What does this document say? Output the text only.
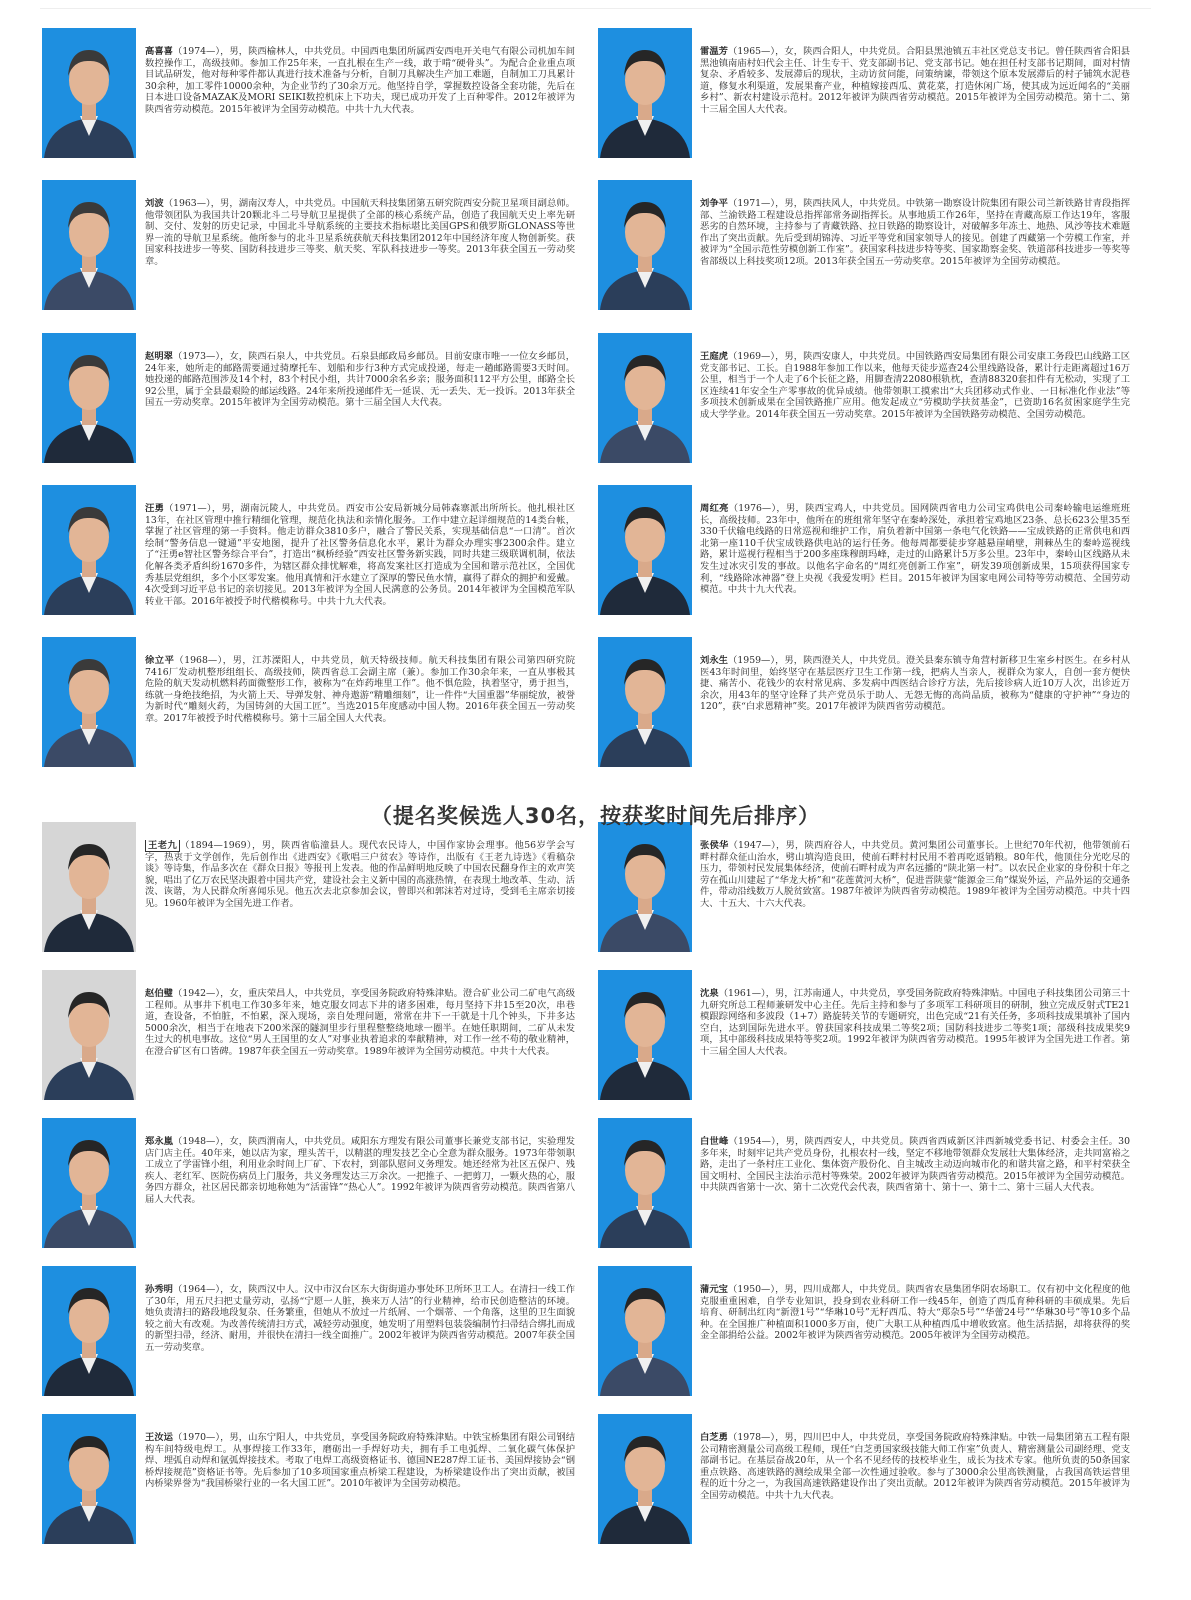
高喜喜（1974—），男，陕西榆林人，中共党员。中国西电集团所属西安西电开关电气有限公司机加车间数控操作工，高级技师。参加工作25年来，一直扎根在生产一线，敢于啃“硬骨头”。为配合企业重点项目试品研发，他对每种零件都认真进行技术准备与分析，自制刀具解决生产加工难题，自制加工刀具累计30余种，加工零件10000余种，为企业节约了30余万元。他坚持自学，掌握数控设备全套功能，先后在日本进口设备MAZAK及MORI SEIKI数控机床上下功夫，现已成功开发了上百种零件。2012年被评为陕西省劳动模范。2015年被评为全国劳动模范。中共十九大代表。
雷温芳（1965—），女，陕西合阳人，中共党员。合阳县黑池镇五丰社区党总支书记。曾任陕西省合阳县黑池镇南庙村妇代会主任、计生专干、党支部副书记、党支部书记。她在担任村支部书记期间，面对村情复杂、矛盾较多、发展滞后的现状，主动访贫问能，问策纳谏，带领这个原本发展滞后的村子铺筑水泥巷道，修复水利渠道，发展果畜产业，种植嫁接西瓜、黄花菜，打造休闲广场，使其成为远近闻名的“美丽乡村”、新农村建设示范村。2012年被评为陕西省劳动模范。2015年被评为全国劳动模范。第十二、第十三届全国人大代表。
刘波（1963—），男，湖南汉寿人，中共党员。中国航天科技集团第五研究院西安分院卫星项目副总师。他带领团队为我国共计20颗北斗二号导航卫星提供了全部的核心系统产品，创造了我国航天史上率先研制、交付、发射的历史记录，中国北斗导航系统的主要技术指标堪比美国GPS和俄罗斯GLONASS等世界一流的导航卫星系统。他所参与的北斗卫星系统获航天科技集团2012年中国经济年度人物创新奖。获国家科技进步一等奖、国防科技进步三等奖、航天奖、军队科技进步一等奖。2013年获全国五一劳动奖章。
刘争平（1971—），男，陕西扶风人，中共党员。中铁第一勘察设计院集团有限公司兰新铁路甘青段指挥部、兰渝铁路工程建设总指挥部常务副指挥长。从事地质工作26年，坚持在青藏高原工作达19年，客服恶劣的自然环境，主持参与了青藏铁路、拉日铁路的勘察设计，对破解多年冻土、地热、风沙等技术难题作出了突出贡献。先后受到胡锦涛、习近平等党和国家领导人的接见。创建了西藏第一个劳模工作室，并被评为“全国示范性劳模创新工作室”。获国家科技进步特等奖、国家勘察金奖、铁道部科技进步一等奖等省部级以上科技奖项12项。2013年获全国五一劳动奖章。2015年被评为全国劳动模范。
赵明翠（1973—），女，陕西石泉人，中共党员。石泉县邮政局乡邮员。目前安康市唯一一位女乡邮员，24年来，她所走的邮路需要通过骑摩托车、划船和步行3种方式完成投递，每走一趟邮路需要3天时间。她投递的邮路范围涉及14个村，83个村民小组，共计7000余名乡亲；服务面积112平方公里，邮路全长92公里，属于全县最艰险的邮运线路。24年来所投递邮件无一延误、无一丢失、无一投诉。2013年获全国五一劳动奖章。2015年被评为全国劳动模范。第十三届全国人大代表。
王庭虎（1969—），男，陕西安康人，中共党员。中国铁路西安局集团有限公司安康工务段巴山线路工区党支部书记、工长。自1988年参加工作以来，他每天徒步巡查24公里线路设备，累计行走距离超过16万公里，相当于一个人走了6个长征之路，用脚查清22080根轨枕，查清88320套扣件有无松动，实现了工区连续41年安全生产零事故的优异成绩。他带领职工摸索出“大兵团移动式作业、一日标准化作业法”等多项技术创新成果在全国铁路推广应用。他发起成立“劳模助学扶贫基金”，已资助16名贫困家庭学生完成大学学业。2014年获全国五一劳动奖章。2015年被评为全国铁路劳动模范、全国劳动模范。
汪勇（1971—），男，湖南沅陵人，中共党员。西安市公安局新城分局韩森寨派出所所长。他扎根社区13年，在社区管理中推行精细化管理，规范化执法和亲情化服务。工作中建立起详细规范的14类台帐，掌握了社区管理的第一手资料。他走访群众3810多户，融合了警民关系，实现基础信息“一口清”。首次绘制“警务信息一键通”平安地图，提升了社区警务信息化水平，累计为群众办理实事2300余件。建立了“汪勇e智社区警务综合平台”，打造出“枫桥经验”西安社区警务新实践，同时共建三级联调机制，依法化解各类矛盾纠纷1670多件，为辖区群众排忧解难，将高发案社区打造成为全国和谐示范社区，全国优秀基层党组织，多个小区零发案。他用真情和汗水建立了深厚的警民鱼水情，赢得了群众的拥护和爱戴。4次受到习近平总书记的亲切接见。2013年被评为全国人民满意的公务员。2014年被评为全国模范军队转业干部。2016年被授予时代楷模称号。中共十九大代表。
周红亮（1976—），男，陕西宝鸡人，中共党员。国网陕西省电力公司宝鸡供电公司秦岭输电运维班班长，高级技师。23年中，他所在的班组常年坚守在秦岭深处，承担着宝鸡地区23条、总长623公里35至330千伏输电线路的日常巡视和维护工作，肩负着新中国第一条电气化铁路——宝成铁路的正常供电和西北第一座110千伏宝成铁路供电站的运行任务。他每周都要徒步穿越悬崖峭壁，荆棘丛生的秦岭巡视线路，累计巡视行程相当于200多座珠穆朗玛峰，走过的山路累计5万多公里。23年中，秦岭山区线路从未发生过冰灾引发的事故。以他名字命名的“周红亮创新工作室”，研发39项创新成果，15项获得国家专利，“线路除冰神器”登上央视《我爱发明》栏目。2015年被评为国家电网公司特等劳动模范、全国劳动模范。中共十九大代表。
徐立平（1968—），男，江苏溧阳人，中共党员，航天特级技师。航天科技集团有限公司第四研究院7416厂发动机整形组组长、高级技师，陕西省总工会副主席（兼）。参加工作30余年来，一直从事极其危险的航天发动机燃料药面微整形工作，被称为“在炸药堆里工作”。他不惧危险，执着坚守，勇于担当，练就一身绝技绝招，为火箭上天、导弹发射、神舟遨游“精雕细刻”，让一件件“大国重器”华丽绽放，被誉为新时代“雕刻火药，为国铸剑的大国工匠”。当选2015年度感动中国人物。2016年获全国五一劳动奖章。2017年被授予时代楷模称号。第十三届全国人大代表。
刘永生（1959—），男，陕西澄关人，中共党员。澄关县秦东镇寺角营村新移卫生室乡村医生。在乡村从医43年时间里，始终坚守在基层医疗卫生工作第一线，把病人当亲人，视群众为家人，自创一套方便快捷、痛苦小、花钱少的农村常见病、多发病中西医结合诊疗方法，先后接诊病人近10万人次，出诊近万余次，用43年的坚守诠释了共产党员乐于助人、无怨无悔的高尚品质，被称为“健康的守护神”“身边的120”，获“白求恩精神”奖。2017年被评为陕西省劳动模范。
王老九 （1894—1969），男，陕西省临潼县人。现代农民诗人，中国作家协会理事。他56岁学会写字，热衷于文学创作，先后创作出《进西安》《歌唱三户贫农》等诗作，出版有《王老九诗选》《看稿杂谈》等诗集，作品多次在《群众日报》等报刊上发表。他的作品鲜明地反映了中国农民翻身作主的欢声笑貌，唱出了亿万农民坚决跟着中国共产党，建设社会主义新中国的高涨热情，在表现土地改革、生动、活泼、诙谐，为人民群众所喜闻乐见。他五次去北京参加会议，曾即兴和郭沫若对过诗，受到毛主席亲切接见。1960年被评为全国先进工作者。
张侯华（1947—），男，陕西府谷人，中共党员。黄河集团公司董事长。上世纪70年代初，他带领前石畔村群众征山治水，劈山填沟造良田，使前石畔村村民用不着再吃返销粮。80年代，他顶住分光吃尽的压力，带领村民发展集体经济，使前石畔村成为声名远播的“陕北第一村”。以农民企业家的身份积十年之劳在孤山川建起了“华龙大桥”和“花莲黄河大桥”，促进晋陕蒙“能源金三角”煤炭外运，产品外运的交通条件，带动沿线数万人脱贫致富。1987年被评为陕西省劳动模范。1989年被评为全国劳动模范。中共十四大、十五大、十六大代表。
赵伯璧（1942—），女，重庆荣昌人，中共党员，享受国务院政府特殊津贴。澄合矿业公司二矿电气高级工程师。从事井下机电工作30多年来，她克服女同志下井的诸多困难，每月坚持下井15至20次，串巷道，查设备，不怕脏，不怕累，深入现场，亲自处理问题，常常在井下一干就是十几个钟头，下井多达5000余次，相当于在地表下200米深的隧洞里步行里程整整绕地球一圈半。在她任职期间，二矿从未发生过大的机电事故。这位“男人王国里的女人”对事业执着追求的奉献精神，对工作一丝不苟的敬业精神，在澄合矿区有口皆碑。1987年获全国五一劳动奖章。1989年被评为全国劳动模范。中共十大代表。
沈泉（1961—），男，江苏南通人，中共党员，享受国务院政府特殊津贴。中国电子科技集团公司第三十九研究所总工程师兼研发中心主任。先后主持和参与了多项军工科研项目的研制，独立完成反射式TE21模跟踪网络和多波段（1+7）路旋转关节的专题研究，出色完成“21有关任务，多项科技成果填补了国内空白，达到国际先进水平。曾获国家科技成果二等奖2项；国防科技进步二等奖1项；部级科技成果奖9项，其中部级科技成果特等奖2项。1992年被评为陕西省劳动模范。1995年被评为全国先进工作者。第十三届全国人大代表。
郑永嵐（1948—），女，陕西渭南人，中共党员。咸阳东方理发有限公司董事长兼党支部书记，实验理发店门店主任。40年来，她以店为家，理头苦干，以精湛的理发技艺全心全意为群众服务。1973年带领职工成立了学雷锋小组，利用业余时间上厂矿、下农村，到部队慰问义务理发。她还经常为社区五保户、残疾人、老红军、医院伤病员上门服务，共义务理发达三万余次。一把推子、一把剪刀，一颗火热的心，服务四方群众，社区居民都亲切地称她为“活雷锋”“热心人”。1992年被评为陕西省劳动模范。陕西省第八届人大代表。
白世峰（1954—），男，陕西西安人，中共党员。陕西省西咸新区沣西新城党委书记、村委会主任。30多年来，时刻牢记共产党员身份，扎根农村一线，坚定不移地带领群众发展壮大集体经济，走共同富裕之路，走出了一条村庄工业化、集体资产股份化、自主城改主动迈向城市化的和谐共富之路，和平村荣获全国文明村、全国民主法治示范村等殊荣。2002年被评为陕西省劳动模范。2015年被评为全国劳动模范。中共陕西省第十一次、第十二次党代会代表，陕西省第十、第十一、第十二、第十三届人大代表。
孙秀明（1964—），女，陕西汉中人。汉中市汉台区东大街街道办事处环卫所环卫工人。在清扫一线工作了30年，用五尺扫把丈量劳动，弘扬“宁愿一人脏，换来万人洁”的行业精神，给市民创造整洁的环境。她负责清扫的路段地段复杂、任务繁重，但她从不放过一片纸屑、一个烟蒂、一个角落，这里的卫生面貌较之前大有改观。为改善传统清扫方式，减轻劳动强度，她发明了用塑料包装袋编制竹扫帚结合绑扎而成的新型扫帚，经济、耐用，并很快在清扫一线全面推广。2002年被评为陕西省劳动模范。2007年获全国五一劳动奖章。
蒲元宝（1950—），男，四川成都人，中共党员。陕西省农垦集团华阴农场职工。仅有初中文化程度的他克服重重困难，自学专业知识，投身到农业科研工作一线45年，创造了西瓜育种科研的丰硕成果。先后培育、研制出红肉“新澄1号”“华琳10号”无籽西瓜、特大“郑杂5号”“华蕾24号”“华琳30号”等10多个品种。在全国推广种植面积1000多万亩，使广大职工从种植西瓜中增收致富。他生活拮据，却将获得的奖金全部捐给公益。2002年被评为陕西省劳动模范。2005年被评为全国劳动模范。
王汝运（1970—），男，山东宁阳人，中共党员，享受国务院政府特殊津贴。中铁宝桥集团有限公司钢结构车间特级电焊工。从事焊接工作33年，磨砺出一手焊好功夫，拥有手工电弧焊、二氧化碳气体保护焊、埋弧自动焊和氩弧焊接技术。考取了电焊工高级资格证书、德国NE287焊工证书、美国焊接协会“钢桥焊接规范”资格证书等。先后参加了10多项国家重点桥梁工程建设，为桥梁建设作出了突出贡献，被国内桥梁界誉为“我国桥梁行业的一名大国工匠”。2010年被评为全国劳动模范。
白芝勇（1978—），男，四川巴中人，中共党员，享受国务院政府特殊津贴。中铁一局集团第五工程有限公司精密测量公司高级工程师，现任“白芝勇国家级技能大师工作室”负责人、精密测量公司副经理、党支部副书记。在基层奋战20年，从一个名不见经传的技校毕业生，成长为技术专家。他所负责的50条国家重点铁路、高速铁路的测绘成果全部一次性通过验收。参与了3000余公里高铁测量，占我国高铁运营里程的近十分之一，为我国高速铁路建设作出了突出贡献。2012年被评为陕西省劳动模范。2015年被评为全国劳动模范。中共十九大代表。
（提名奖候选人30名，按获奖时间先后排序）
